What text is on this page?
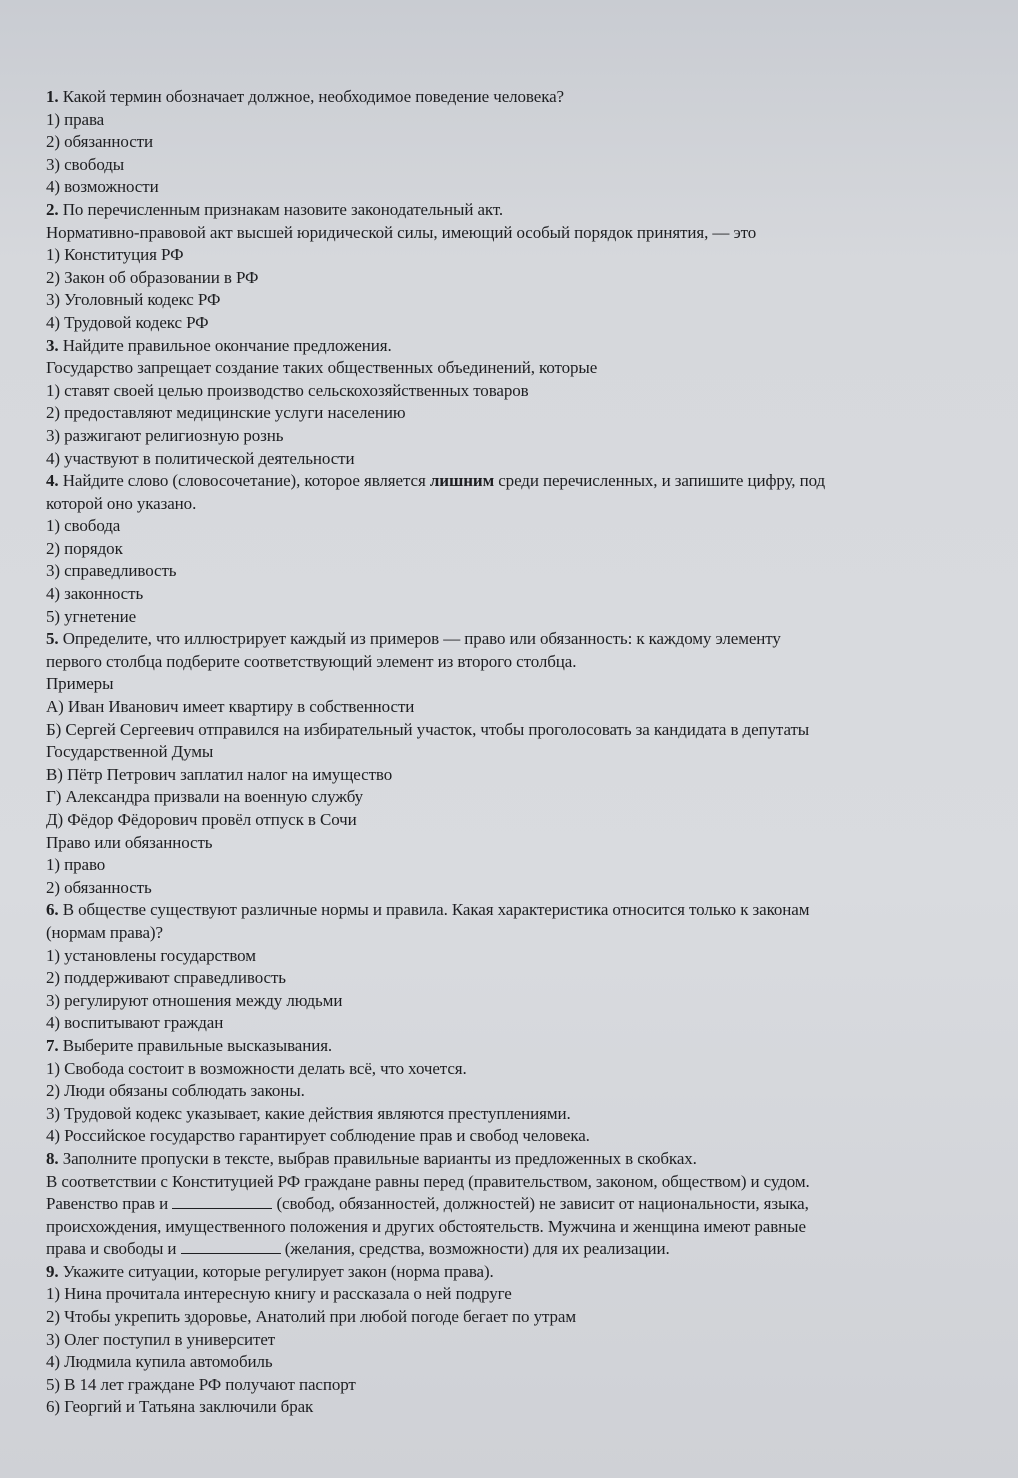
1. Какой термин обозначает должное, необходимое поведение человека?
1) права
2) обязанности
3) свободы
4) возможности
2. По перечисленным признакам назовите законодательный акт.
Нормативно-правовой акт высшей юридической силы, имеющий особый порядок принятия, — это
1) Конституция РФ
2) Закон об образовании в РФ
3) Уголовный кодекс РФ
4) Трудовой кодекс РФ
3. Найдите правильное окончание предложения.
Государство запрещает создание таких общественных объединений, которые
1) ставят своей целью производство сельскохозяйственных товаров
2) предоставляют медицинские услуги населению
3) разжигают религиозную рознь
4) участвуют в политической деятельности
4. Найдите слово (словосочетание), которое является лишним среди перечисленных, и запишите цифру, под
которой оно указано.
1) свобода
2) порядок
3) справедливость
4) законность
5) угнетение
5. Определите, что иллюстрирует каждый из примеров — право или обязанность: к каждому элементу
первого столбца подберите соответствующий элемент из второго столбца.
Примеры
А) Иван Иванович имеет квартиру в собственности
Б) Сергей Сергеевич отправился на избирательный участок, чтобы проголосовать за кандидата в депутаты
Государственной Думы
В) Пётр Петрович заплатил налог на имущество
Г) Александра призвали на военную службу
Д) Фёдор Фёдорович провёл отпуск в Сочи
Право или обязанность
1) право
2) обязанность
6. В обществе существуют различные нормы и правила. Какая характеристика относится только к законам
(нормам права)?
1) установлены государством
2) поддерживают справедливость
3) регулируют отношения между людьми
4) воспитывают граждан
7. Выберите правильные высказывания.
1) Свобода состоит в возможности делать всё, что хочется.
2) Люди обязаны соблюдать законы.
3) Трудовой кодекс указывает, какие действия являются преступлениями.
4) Российское государство гарантирует соблюдение прав и свобод человека.
8. Заполните пропуски в тексте, выбрав правильные варианты из предложенных в скобках.
В соответствии с Конституцией РФ граждане равны перед (правительством, законом, обществом) и судом.
Равенство прав и	(свобод, обязанностей, должностей) не зависит от национальности, языка,
происхождения, имущественного положения и других обстоятельств. Мужчина и женщина имеют равные
права и свободы и	(желания, средства, возможности) для их реализации.
9. Укажите ситуации, которые регулирует закон (норма права).
1) Нина прочитала интересную книгу и рассказала о ней подруге
2) Чтобы укрепить здоровье, Анатолий при любой погоде бегает по утрам
3) Олег поступил в университет
4) Людмила купила автомобиль
5) В 14 лет граждане РФ получают паспорт
6) Георгий и Татьяна заключили брак
